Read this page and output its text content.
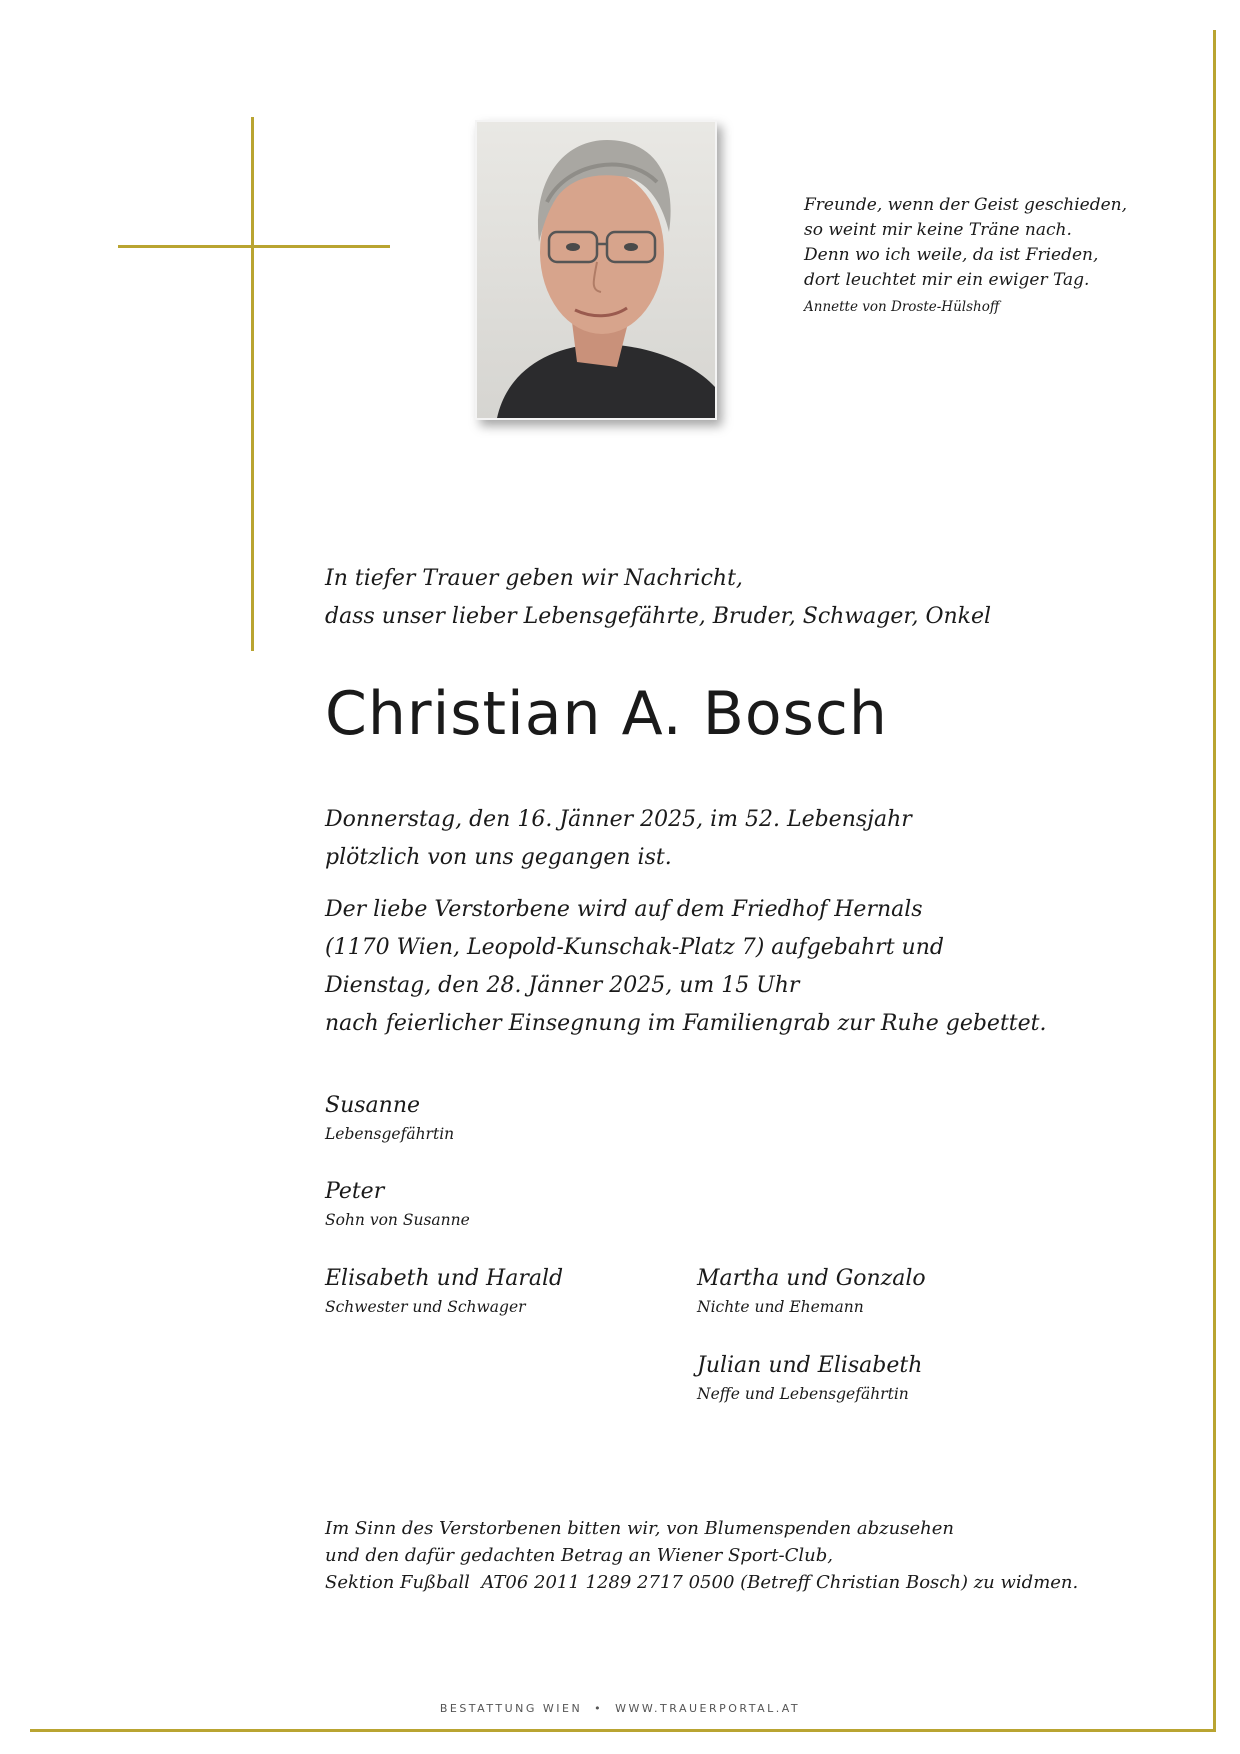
Freunde, wenn der Geist geschieden,
so weint mir keine Träne nach.
Denn wo ich weile, da ist Frieden,
dort leuchtet mir ein ewiger Tag.
Annette von Droste-Hülshoff
In tiefer Trauer geben wir Nachricht,
dass unser lieber Lebensgefährte, Bruder, Schwager, Onkel
Christian A. Bosch
Donnerstag, den 16. Jänner 2025, im 52. Lebensjahr
plötzlich von uns gegangen ist.
Der liebe Verstorbene wird auf dem Friedhof Hernals
(1170 Wien, Leopold-Kunschak-Platz 7) aufgebahrt und
Dienstag, den 28. Jänner 2025, um 15 Uhr
nach feierlicher Einsegnung im Familiengrab zur Ruhe gebettet.
Susanne
Lebensgefährtin
Peter
Sohn von Susanne
Elisabeth und Harald
Schwester und Schwager
Martha und Gonzalo
Nichte und Ehemann
Julian und Elisabeth
Neffe und Lebensgefährtin
Im Sinn des Verstorbenen bitten wir, von Blumenspenden abzusehen
und den dafür gedachten Betrag an Wiener Sport-Club,
Sektion Fußball  AT06 2011 1289 2717 0500 (Betreff Christian Bosch) zu widmen.
BESTATTUNG WIEN  •  WWW.TRAUERPORTAL.AT
